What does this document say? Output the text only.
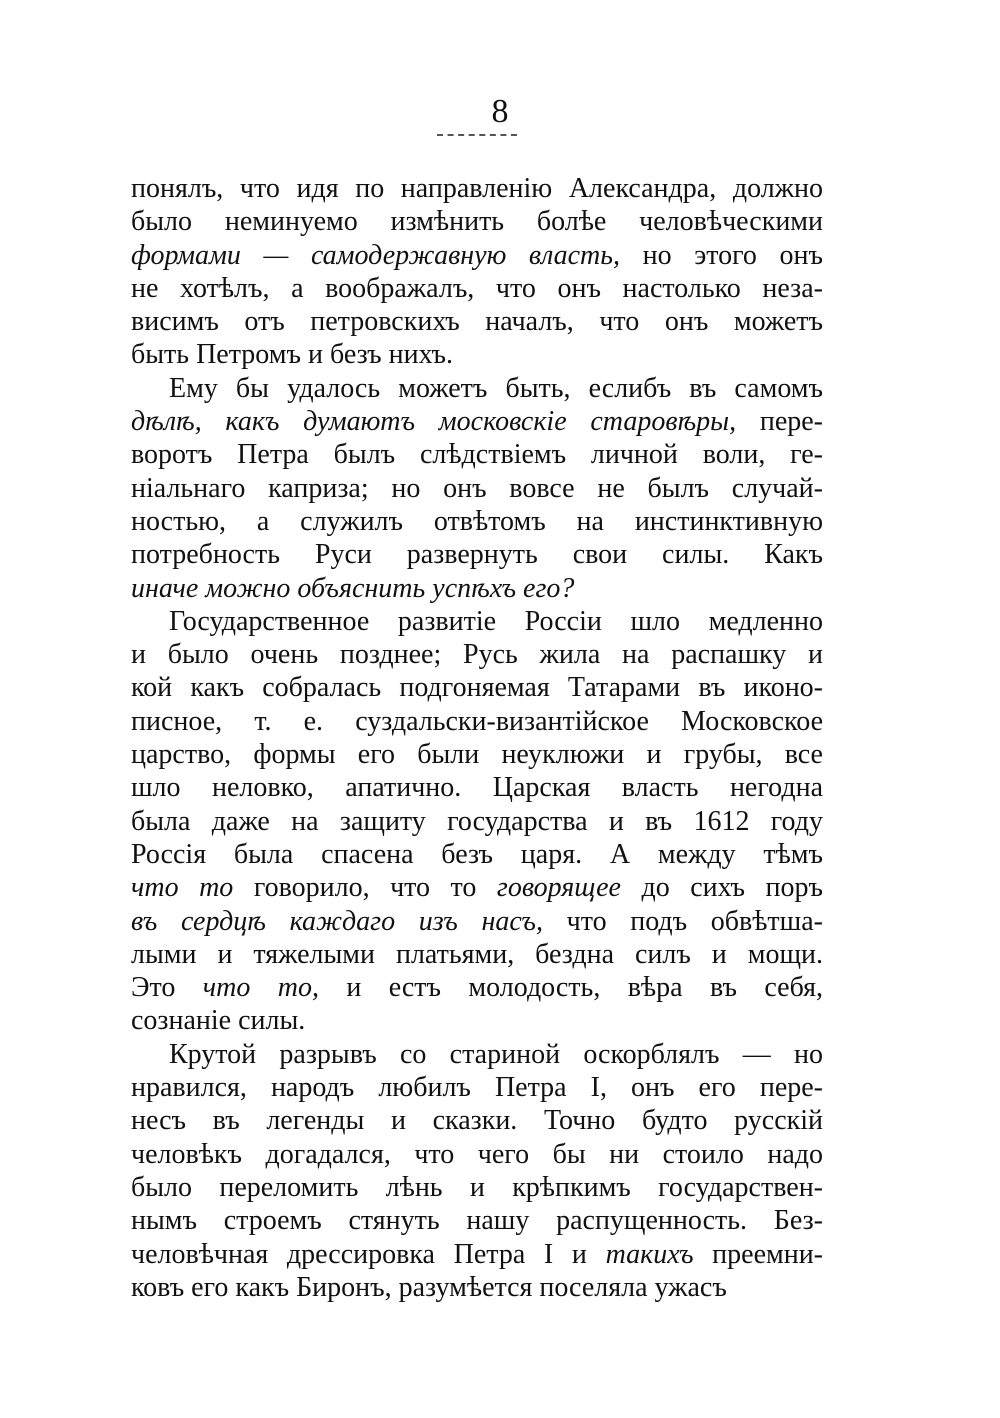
8
понялъ, что идя по направленію Александра, должно
было неминуемо измѣнить болѣе человѣческими
формами — самодержавную власть, но этого онъ
не хотѣлъ, а воображалъ, что онъ настолько неза-
висимъ отъ петровскихъ началъ, что онъ можетъ
быть Петромъ и безъ нихъ.
Ему бы удалось можетъ быть, еслибъ въ самомъ
дѣлѣ, какъ думаютъ московскіе старовѣры, пере-
воротъ Петра былъ слѣдствіемъ личной воли, ге-
ніальнаго каприза; но онъ вовсе не былъ случай-
ностью, а служилъ отвѣтомъ на инстинктивную
потребность Руси развернуть свои силы. Какъ
иначе можно объяснить успѣхъ его?
Государственное развитіе Россіи шло медленно
и было очень позднее; Русь жила на распашку и
кой какъ собралась подгоняемая Татарами въ иконо-
писное, т. е. суздальски-византійское Московское
царство, формы его были неуклюжи и грубы, все
шло неловко, апатично. Царская власть негодна
была даже на защиту государства и въ 1612 году
Россія была спасена безъ царя. А между тѣмъ
что то говорило, что то говорящее до сихъ поръ
въ сердцѣ каждаго изъ насъ, что подъ обвѣтша-
лыми и тяжелыми платьями, бездна силъ и мощи.
Это что то, и естъ молодость, вѣра въ себя,
сознаніе силы.
Крутой разрывъ со стариной оскорблялъ — но
нравился, народъ любилъ Петра I, онъ его пере-
несъ въ легенды и сказки. Точно будто русскій
человѣкъ догадался, что чего бы ни стоило надо
было переломить лѣнь и крѣпкимъ государствен-
нымъ строемъ стянуть нашу распущенность. Без-
человѣчная дрессировка Петра I и такихъ преемни-
ковъ его какъ Биронъ, разумѣется поселяла ужасъ
